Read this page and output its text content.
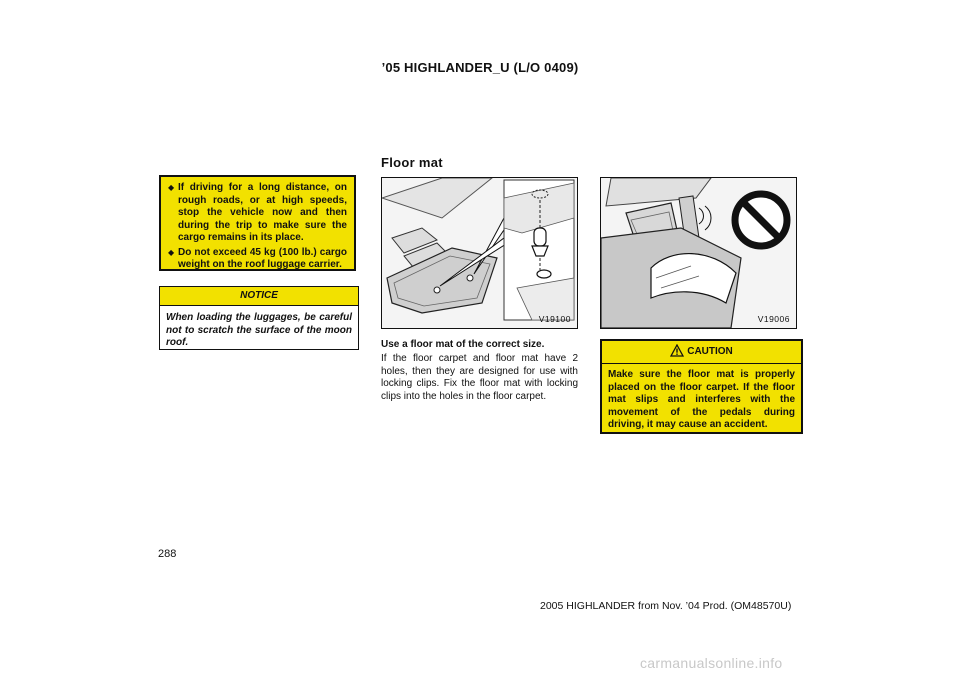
’05 HIGHLANDER_U (L/O 0409)
◆ If driving for a long distance, on rough roads, or at high speeds, stop the vehicle now and then during the trip to make sure the cargo remains in its place.
◆ Do not exceed 45 kg (100 lb.) cargo weight on the roof luggage carrier.
NOTICE
When loading the luggages, be careful not to scratch the surface of the moon roof.
Floor mat
V19100	V19006
Use a floor mat of the correct size.
If the floor carpet and floor mat have 2 holes, then they are designed for use with locking clips. Fix the floor mat with locking clips into the holes in the floor carpet.
CAUTION
Make sure the floor mat is properly placed on the floor carpet. If the floor mat slips and interferes with the movement of the pedals during driving, it may cause an accident.
288
2005 HIGHLANDER from Nov. ’04 Prod. (OM48570U)
carmanualsonline.info
